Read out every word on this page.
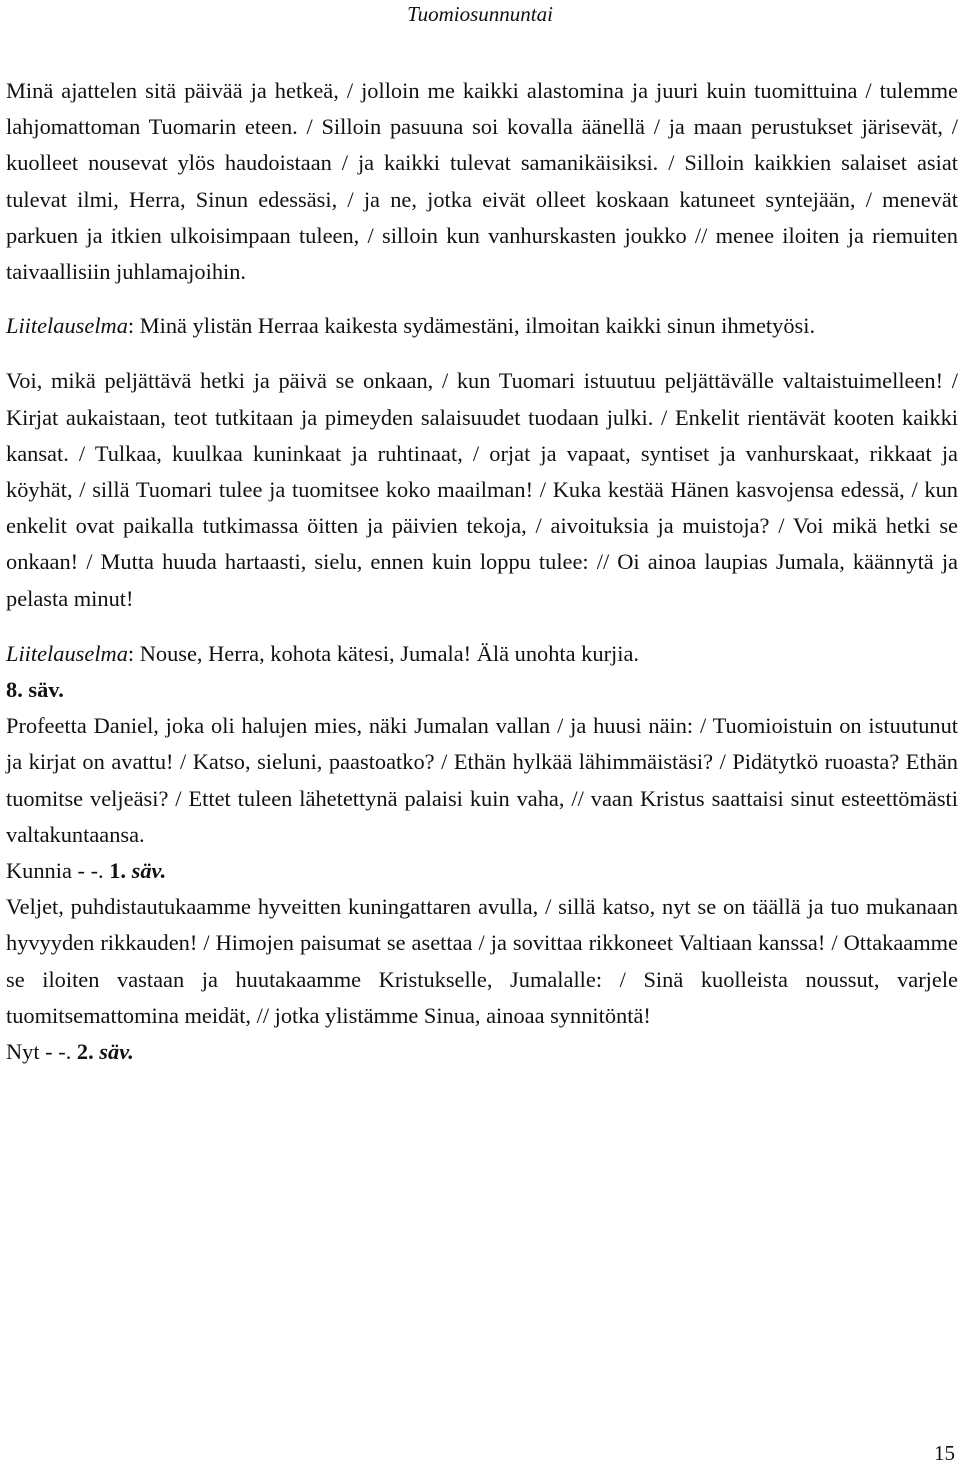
Tuomiosunnuntai

Minä ajattelen sitä päivää ja hetkeä, / jolloin me kaikki alastomina ja juuri kuin tuomittuina / tulemme lahjomattoman Tuomarin eteen. / Silloin pasuuna soi kovalla äänellä / ja maan perustukset järisevät, / kuolleet nousevat ylös haudoistaan / ja kaikki tulevat samanikäisiksi. / Silloin kaikkien salaiset asiat tulevat ilmi, Herra, Sinun edessäsi, / ja ne, jotka eivät olleet koskaan katuneet syntejään, / menevät parkuen ja itkien ulkoisimpaan tuleen, / silloin kun vanhurskasten joukko // menee iloiten ja riemuiten taivaallisiin juhlamajoihin.

Liitelauselma: Minä ylistän Herraa kaikesta sydämestäni, ilmoitan kaikki sinun ihmetyösi.

Voi, mikä peljättävä hetki ja päivä se onkaan, / kun Tuomari istuutuu peljättävälle valtaistuimelleen! / Kirjat aukaistaan, teot tutkitaan ja pimeyden salaisuudet tuodaan julki. / Enkelit rientävät kooten kaikki kansat. / Tulkaa, kuulkaa kuninkaat ja ruhtinaat, / orjat ja vapaat, syntiset ja vanhurskaat, rikkaat ja köyhät, / sillä Tuomari tulee ja tuomitsee koko maailman! / Kuka kestää Hänen kasvojensa edessä, / kun enkelit ovat paikalla tutkimassa öitten ja päivien tekoja, / aivoituksia ja muistoja? / Voi mikä hetki se onkaan! / Mutta huuda hartaasti, sielu, ennen kuin loppu tulee: // Oi ainoa laupias Jumala, käännytä ja pelasta minut!

Liitelauselma: Nouse, Herra, kohota kätesi, Jumala! Älä unohta kurjia.

8. säv.

Profeetta Daniel, joka oli halujen mies, näki Jumalan vallan / ja huusi näin: / Tuomioistuin on istuutunut ja kirjat on avattu! / Katso, sieluni, paastoatko? / Ethän hylkää lähimmäistäsi? / Pidätytkö ruoasta? Ethän tuomitse veljeäsi? / Ettet tuleen lähetettynä palaisi kuin vaha, // vaan Kristus saattaisi sinut esteettömästi valtakuntaansa.

Kunnia - -. 1. säv.

Veljet, puhdistautukaamme hyveitten kuningattaren avulla, / sillä katso, nyt se on täällä ja tuo mukanaan hyvyyden rikkauden! / Himojen paisumat se asettaa / ja sovittaa rikkoneet Valtiaan kanssa! / Ottakaamme se iloiten vastaan ja huutakaamme Kristukselle, Jumalalle: / Sinä kuolleista noussut, varjele tuomitsemattomina meidät, // jotka ylistämme Sinua, ainoaa synnitöntä!

Nyt - -. 2. säv.

15
